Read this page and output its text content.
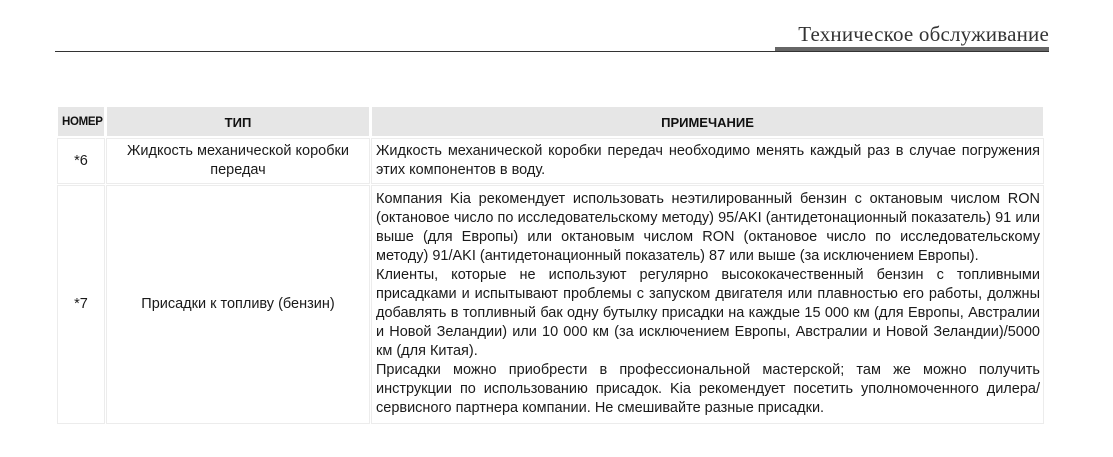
Техническое обслуживание
НОМЕР	ТИП	ПРИМЕЧАНИЕ
*6	Жидкость механической коробки передач	Жидкость механической коробки передач необходимо менять каждый раз в случае погружения этих компонентов в воду.

*7	Присадки к топливу (бензин)	Компания Kia рекомендует использовать неэтилированный бензин с октановым числом RON (октановое число по исследовательскому методу) 95/AKI (антидетонационный показатель) 91 или выше (для Европы) или октановым числом RON (октановое число по исследовательскому методу) 91/AKI (антидетонационный показатель) 87 или выше (за исключением Европы).
Клиенты, которые не используют регулярно высококачественный бензин с топливными присадками и испытывают проблемы с запуском двигателя или плавностью его работы, должны добавлять в топливный бак одну бутылку присадки на каждые 15 000 км (для Европы, Австралии и Новой Зеландии) или 10 000 км (за исключением Европы, Австралии и Новой Зеландии)/5000 км (для Китая).
Присадки можно приобрести в профессиональной мастерской; там же можно получить инструкции по использованию присадок. Kia рекомендует посетить уполномоченного дилера/сервисного партнера компании. Не смешивайте разные присадки.
